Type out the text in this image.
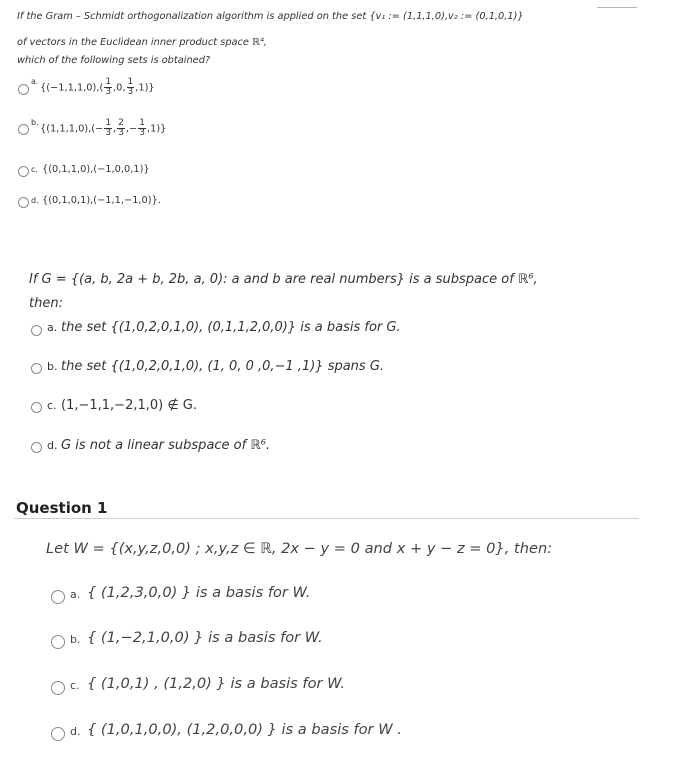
If the Gram – Schmidt orthogonalization algorithm is applied on the set {v₁ := (1,1,1,0),v₂ := (0,1,0,1)}
of vectors in the Euclidean inner product space ℝ⁴,
which of the following sets is obtained?
a.
{$(-1,1,1,0),( \frac{1}{3} ,0$, $\frac{1}{3} ,1$)}
b.
{$(1,1,1,0),(- \frac{1}{3}$ , $\frac{2}{3}$ ,− $\frac{1}{3} ,1$)}
c. {(0,1,1,0),(−1,0,0,1)}
d. {(0,1,0,1),(−1,1,−1,0)}.
If G = {(a, b, 2a + b, 2b, a, 0): a and b are real numbers} is a subspace of ℝ⁶,
then:
a. the set {(1,0,2,0,1,0), (0,1,1,2,0,0)} is a basis for G.
b. the set {(1,0,2,0,1,0), (1, 0, 0 ,0,−1 ,1)} spans G.
c. (1,−1,1,−2,1,0) ∉ G.
d. G is not a linear subspace of ℝ⁶.
Question 1
Let W = {(x,y,z,0,0) ; x,y,z ∈ ℝ, 2x − y = 0 and x + y − z = 0}, then:
a. { (1,2,3,0,0) } is a basis for W.
b. { (1,−2,1,0,0) } is a basis for W.
c. { (1,0,1) , (1,2,0) } is a basis for W.
d. { (1,0,1,0,0), (1,2,0,0,0) } is a basis for W .
